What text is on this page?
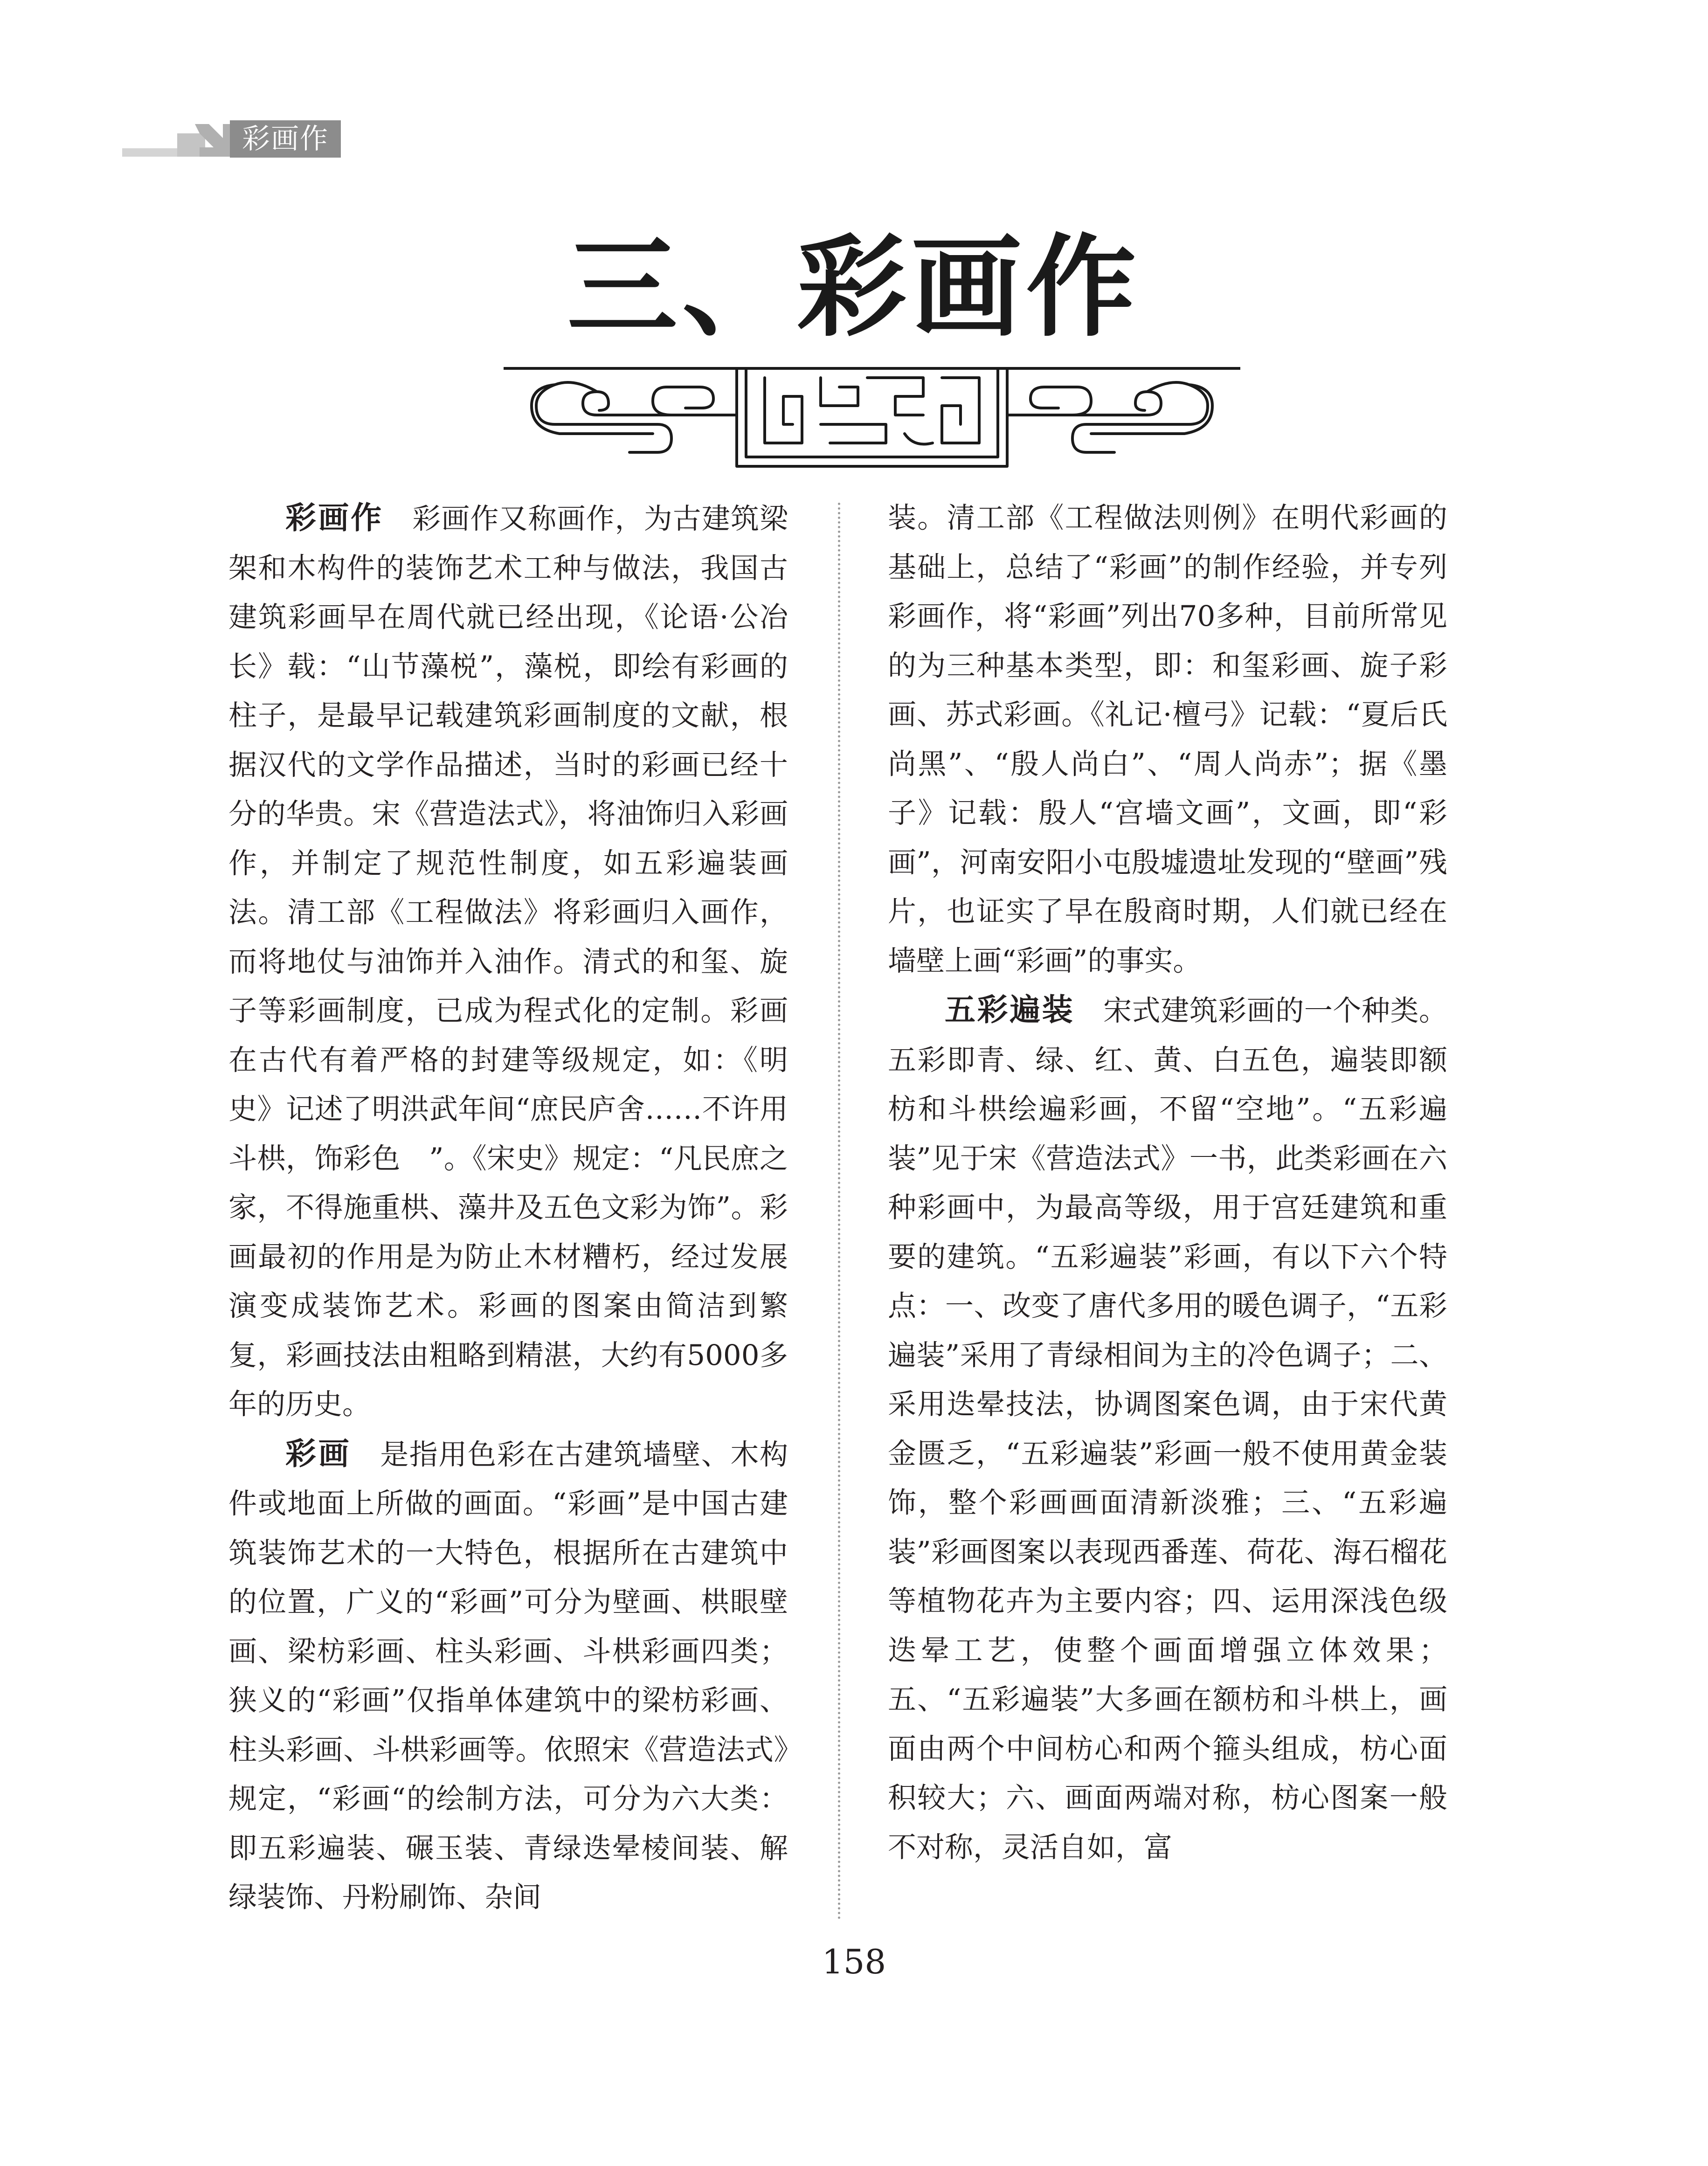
彩画作
三、彩画作

彩画作 彩画作又称画作，为古建筑梁架和木构件的装饰艺术工种与做法，我国古建筑彩画早在周代就已经出现，《论语·公冶长》载：“山节藻棁”，藻棁，即绘有彩画的柱子，是最早记载建筑彩画制度的文献，根据汉代的文学作品描述，当时的彩画已经十分的华贵。宋《营造法式》，将油饰归入彩画作，并制定了规范性制度，如五彩遍装画法。清工部《工程做法》将彩画归入画作，而将地仗与油饰并入油作。清式的和玺、旋子等彩画制度，已成为程式化的定制。彩画在古代有着严格的封建等级规定，如：《明史》记述了明洪武年间“庶民庐舍……不许用斗栱，饰彩色　”。《宋史》规定：“凡民庶之家，不得施重栱、藻井及五色文彩为饰”。彩画最初的作用是为防止木材糟朽，经过发展演变成装饰艺术。彩画的图案由简洁到繁复，彩画技法由粗略到精湛，大约有5000多年的历史。

彩画 是指用色彩在古建筑墙壁、木构件或地面上所做的画面。“彩画”是中国古建筑装饰艺术的一大特色，根据所在古建筑中的位置，广义的“彩画”可分为壁画、栱眼壁画、梁枋彩画、柱头彩画、斗栱彩画四类；狭义的“彩画”仅指单体建筑中的梁枋彩画、柱头彩画、斗栱彩画等。依照宋《营造法式》规定，“彩画“的绘制方法，可分为六大类：即五彩遍装、碾玉装、青绿迭晕棱间装、解绿装饰、丹粉刷饰、杂间

装。清工部《工程做法则例》在明代彩画的基础上，总结了“彩画”的制作经验，并专列彩画作，将“彩画”列出70多种，目前所常见的为三种基本类型，即：和玺彩画、旋子彩画、苏式彩画。《礼记·檀弓》记载：“夏后氏尚黑”、“殷人尚白”、“周人尚赤”；据《墨子》记载：殷人“宫墙文画”，文画，即“彩画”，河南安阳小屯殷墟遗址发现的“壁画”残片，也证实了早在殷商时期，人们就已经在墙壁上画“彩画”的事实。

五彩遍装 宋式建筑彩画的一个种类。五彩即青、绿、红、黄、白五色，遍装即额枋和斗栱绘遍彩画，不留“空地”。“五彩遍装”见于宋《营造法式》一书，此类彩画在六种彩画中，为最高等级，用于宫廷建筑和重要的建筑。“五彩遍装”彩画，有以下六个特点：一、改变了唐代多用的暖色调子，“五彩遍装”采用了青绿相间为主的冷色调子；二、采用迭晕技法，协调图案色调，由于宋代黄金匮乏，“五彩遍装”彩画一般不使用黄金装饰，整个彩画画面清新淡雅；三、“五彩遍装”彩画图案以表现西番莲、荷花、海石榴花等植物花卉为主要内容；四、运用深浅色级迭晕工艺，使整个画面增强立体效果；五、“五彩遍装”大多画在额枋和斗栱上，画面由两个中间枋心和两个箍头组成，枋心面积较大；六、画面两端对称，枋心图案一般不对称，灵活自如，富

158
